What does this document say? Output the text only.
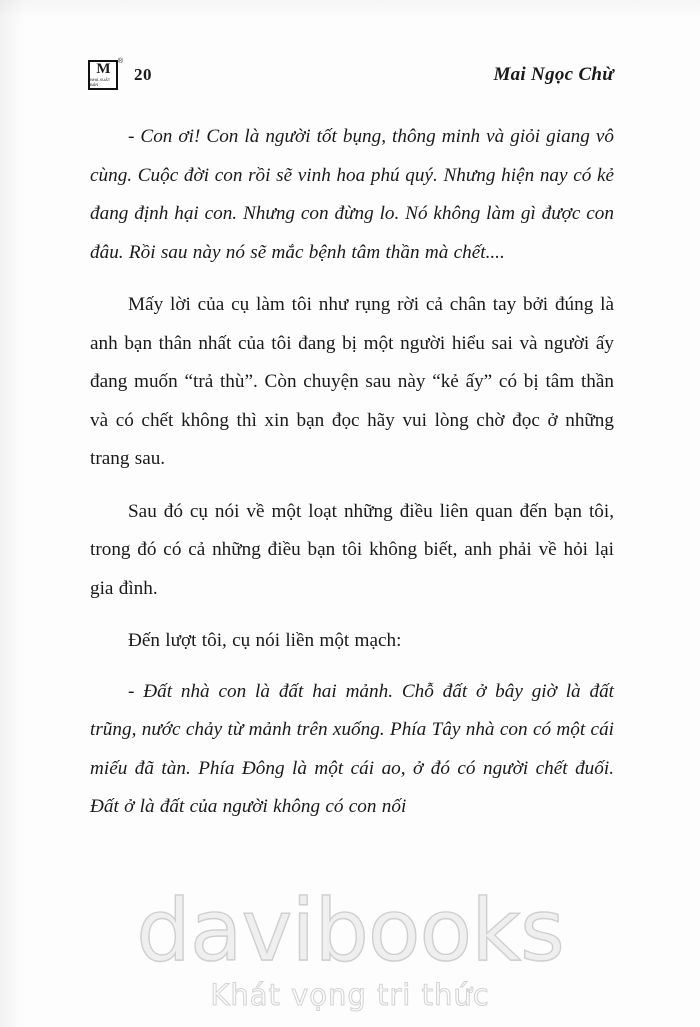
M
NHÀ XUẤT BẢN
®
20	Mai Ngọc Chừ

- Con ơi! Con là người tốt bụng, thông minh và giỏi giang vô cùng. Cuộc đời con rồi sẽ vinh hoa phú quý. Nhưng hiện nay có kẻ đang định hại con. Nhưng con đừng lo. Nó không làm gì được con đâu. Rồi sau này nó sẽ mắc bệnh tâm thần mà chết....

Mấy lời của cụ làm tôi như rụng rời cả chân tay bởi đúng là anh bạn thân nhất của tôi đang bị một người hiểu sai và người ấy đang muốn “trả thù”. Còn chuyện sau này “kẻ ấy” có bị tâm thần và có chết không thì xin bạn đọc hãy vui lòng chờ đọc ở những trang sau.

Sau đó cụ nói về một loạt những điều liên quan đến bạn tôi, trong đó có cả những điều bạn tôi không biết, anh phải về hỏi lại gia đình.

Đến lượt tôi, cụ nói liền một mạch:

- Đất nhà con là đất hai mảnh. Chỗ đất ở bây giờ là đất trũng, nước chảy từ mảnh trên xuống. Phía Tây nhà con có một cái miếu đã tàn. Phía Đông là một cái ao, ở đó có người chết đuối. Đất ở là đất của người không có con nối

davibooks
Khát vọng tri thức
